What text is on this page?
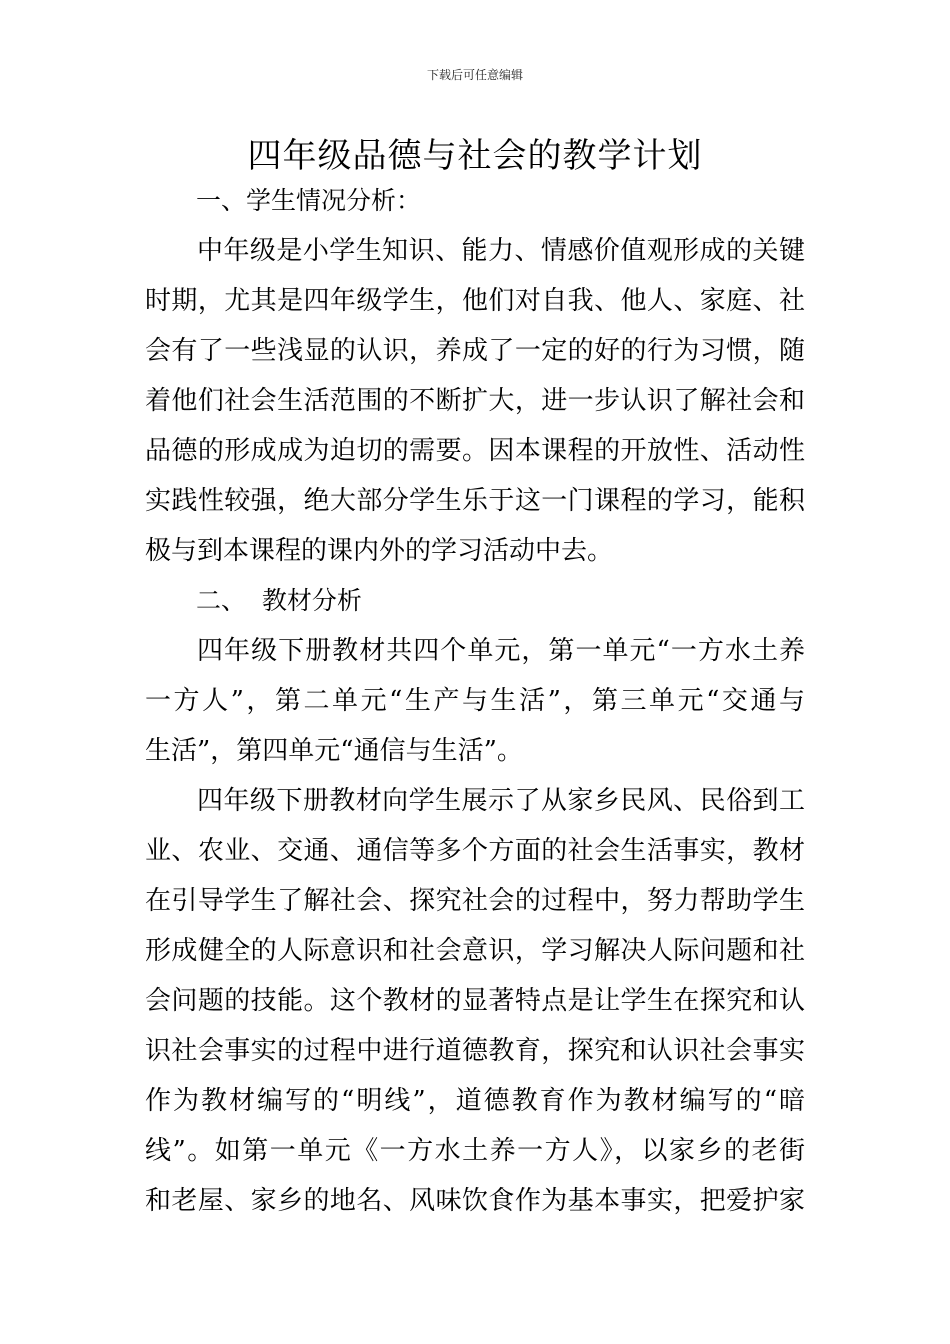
下载后可任意编辑
四年级品德与社会的教学计划
一、学生情况分析：
中年级是小学生知识、能力、情感价值观形成的关键
时期，尤其是四年级学生，他们对自我、他人、家庭、社
会有了一些浅显的认识，养成了一定的好的行为习惯，随
着他们社会生活范围的不断扩大，进一步认识了解社会和
品德的形成成为迫切的需要。因本课程的开放性、活动性
实践性较强，绝大部分学生乐于这一门课程的学习，能积
极与到本课程的课内外的学习活动中去。
二、  教材分析
四年级下册教材共四个单元，第一单元“一方水土养
一方人”，第二单元“生产与生活”，第三单元“交通与
生活”，第四单元“通信与生活”。
四年级下册教材向学生展示了从家乡民风、民俗到工
业、农业、交通、通信等多个方面的社会生活事实，教材
在引导学生了解社会、探究社会的过程中，努力帮助学生
形成健全的人际意识和社会意识，学习解决人际问题和社
会问题的技能。这个教材的显著特点是让学生在探究和认
识社会事实的过程中进行道德教育，探究和认识社会事实
作为教材编写的“明线”，道德教育作为教材编写的“暗
线”。如第一单元《一方水土养一方人》，以家乡的老街
和老屋、家乡的地名、风味饮食作为基本事实，把爱护家
